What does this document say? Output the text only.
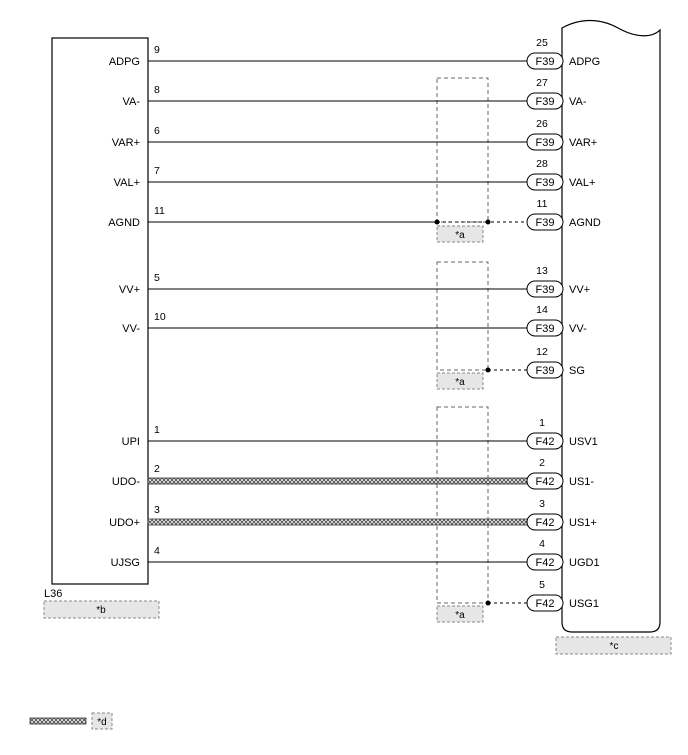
L36
*b
*c
*a
*a
*a
ADPG
VA-
VAR+
VAL+
AGND
VV+
VV-
UPI
UDO-
UDO+
UJSG
9
8
6
7
11
5
10
1
2
3
4
F39
F39
F39
F39
F39
F39
F39
F39
F42
F42
F42
F42
F42
25
27
26
28
11
13
14
12
1
2
3
4
5
ADPG
VA-
VAR+
VAL+
AGND
VV+
VV-
SG
USV1
US1-
US1+
UGD1
USG1
*d
